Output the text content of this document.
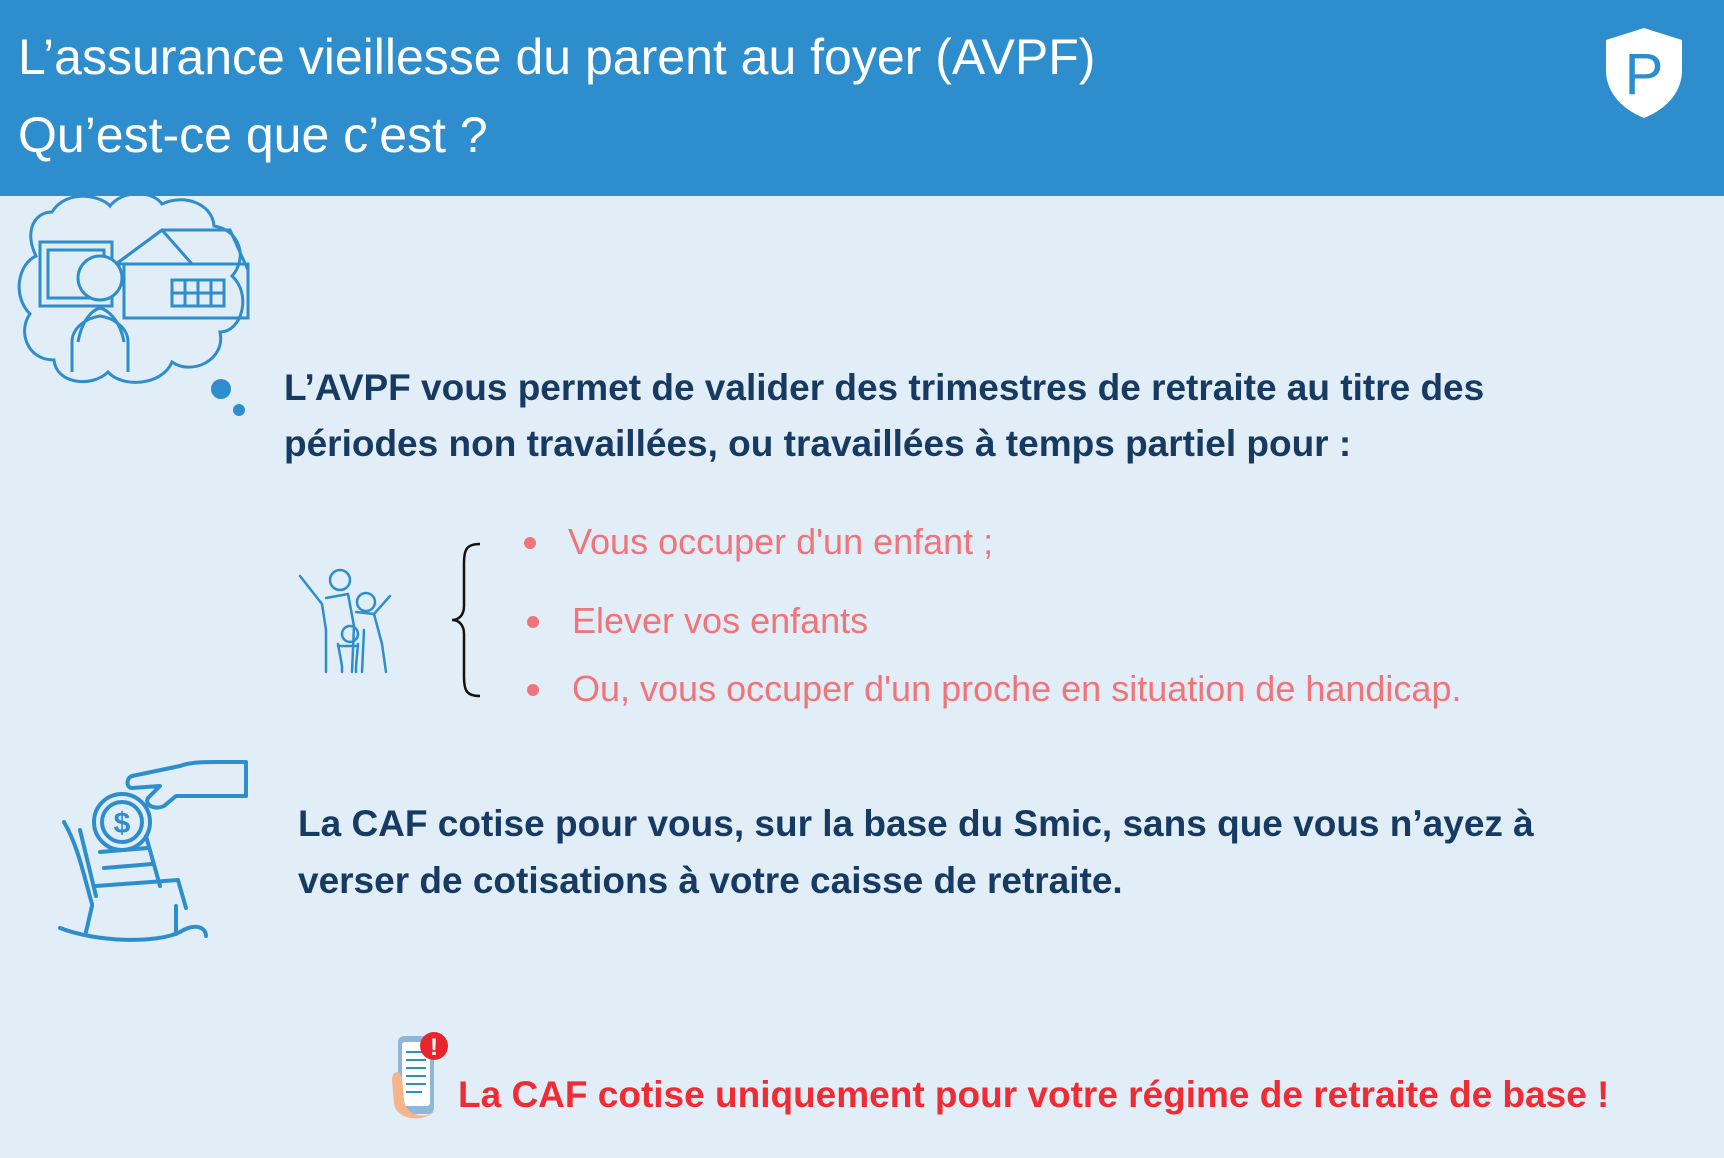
L’assurance vieillesse du parent au foyer (AVPF)
Qu’est-ce que c’est ?
P
L’AVPF vous permet de valider des trimestres de retraite au titre des
périodes non travaillées, ou travaillées à temps partiel pour :
Vous occuper d'un enfant ;
Elever vos enfants
Ou, vous occuper d'un proche en situation de handicap.
$	La CAF cotise pour vous, sur la base du Smic, sans que vous n’ayez à
verser de cotisations à votre caisse de retraite.
!
La CAF cotise uniquement pour votre régime de retraite de base !
